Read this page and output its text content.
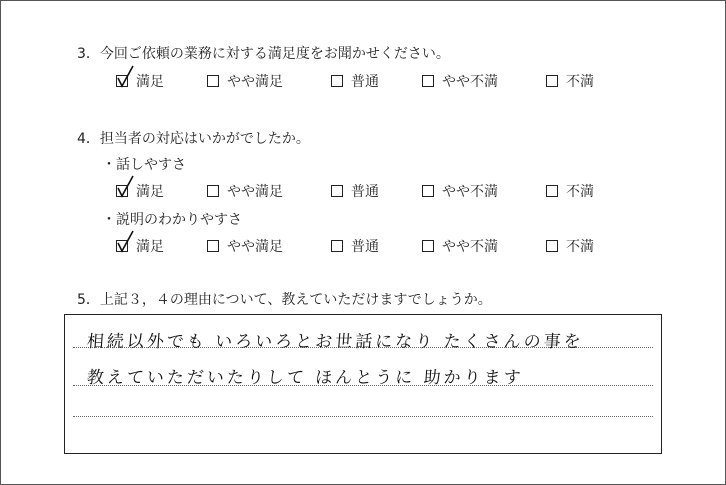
3．今回ご依頼の業務に対する満足度をお聞かせください。
満足	やや満足	普通	やや不満	不満
4．担当者の対応はいかがでしたか。
・話しやすさ
満足	やや満足	普通	やや不満	不満
・説明のわかりやすさ
満足	やや満足	普通	やや不満	不満
5．上記３，４の理由について、教えていただけますでしょうか。
相続以外でも いろいろとお世話になり たくさんの事を
教えていただいたりして ほんとうに 助かります
